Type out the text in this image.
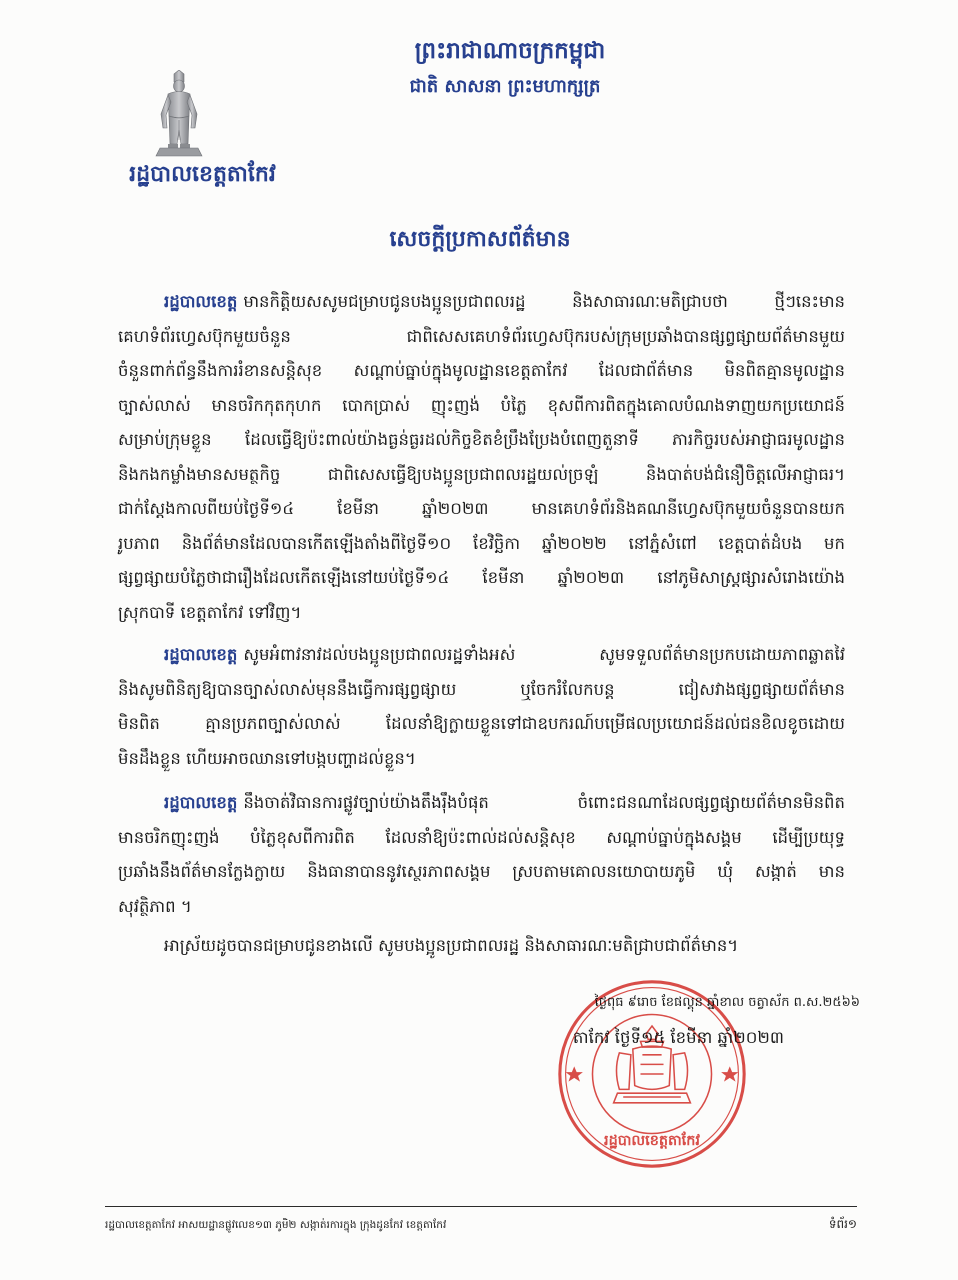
ព្រះរាជាណាចក្រកម្ពុជា
ជាតិ សាសនា ព្រះមហាក្សត្រ
រដ្ឋបាលខេត្តតាកែវ
សេចក្តីប្រកាសព័ត៌មាន
រដ្ឋបាលខេត្ត មានកិត្តិយសសូមជម្រាបជូនបងប្អូនប្រជាពលរដ្ឋ និងសាធារណៈមតិជ្រាបថា ថ្មីៗនេះមាន
គេហទំព័រហ្វេសប៊ុកមួយចំនួន ជាពិសេសគេហទំព័រហ្វេសប៊ុករបស់ក្រុមប្រឆាំងបានផ្សព្វផ្សាយព័ត៌មានមួយ
ចំនួនពាក់ព័ន្ធនឹងការរំខានសន្តិសុខ សណ្តាប់ធ្នាប់ក្នុងមូលដ្ឋានខេត្តតាកែវ ដែលជាព័ត៌មាន មិនពិតគ្មានមូលដ្ឋាន
ច្បាស់លាស់ មានចរិកកុតកុហក បោកប្រាស់ ញុះញង់ បំភ្លៃ ខុសពីការពិតក្នុងគោលបំណងទាញយកប្រយោជន៍
សម្រាប់ក្រុមខ្លួន ដែលធ្វើឱ្យប៉ះពាល់យ៉ាងធ្ងន់ធ្ងរដល់កិច្ចខិតខំប្រឹងប្រែងបំពេញតួនាទី ភារកិច្ចរបស់អាជ្ញាធរមូលដ្ឋាន
និងកងកម្លាំងមានសមត្ថកិច្ច ជាពិសេសធ្វើឱ្យបងប្អូនប្រជាពលរដ្ឋយល់ច្រឡំ និងបាត់បង់ជំនឿចិត្តលើអាជ្ញាធរ។
ជាក់ស្តែងកាលពីយប់ថ្ងៃទី១៤ ខែមីនា ឆ្នាំ២០២៣ មានគេហទំព័រនិងគណនីហ្វេសប៊ុកមួយចំនួនបានយក
រូបភាព និងព័ត៌មានដែលបានកើតឡើងតាំងពីថ្ងៃទី១០ ខែវិច្ឆិកា ឆ្នាំ២០២២ នៅភ្នំសំពៅ ខេត្តបាត់ដំបង មក
ផ្សព្វផ្សាយបំភ្លៃថាជារឿងដែលកើតឡើងនៅយប់ថ្ងៃទី១៤ ខែមីនា ឆ្នាំ២០២៣ នៅភូមិសាស្ត្រផ្សារសំរោងយ៉ោង
ស្រុកបាទី ខេត្តតាកែវ ទៅវិញ។
រដ្ឋបាលខេត្ត សូមអំពាវនាវដល់បងប្អូនប្រជាពលរដ្ឋទាំងអស់ សូមទទួលព័ត៌មានប្រកបដោយភាពឆ្លាតវៃ
និងសូមពិនិត្យឱ្យបានច្បាស់លាស់មុននឹងធ្វើការផ្សព្វផ្សាយ ឬចែករំលែកបន្ត ជៀសវាងផ្សព្វផ្សាយព័ត៌មាន
មិនពិត គ្មានប្រភពច្បាស់លាស់ ដែលនាំឱ្យក្លាយខ្លួនទៅជាឧបករណ៍បម្រើផលប្រយោជន៍ដល់ជនខិលខូចដោយ
មិនដឹងខ្លួន ហើយអាចឈានទៅបង្កបញ្ហាដល់ខ្លួន។
រដ្ឋបាលខេត្ត នឹងចាត់វិធានការផ្លូវច្បាប់យ៉ាងតឹងរ៉ឹងបំផុត ចំពោះជនណាដែលផ្សព្វផ្សាយព័ត៌មានមិនពិត
មានចរិកញុះញង់ បំភ្លៃខុសពីការពិត ដែលនាំឱ្យប៉ះពាល់ដល់សន្តិសុខ សណ្តាប់ធ្នាប់ក្នុងសង្គម ដើម្បីប្រយុទ្ធ
ប្រឆាំងនឹងព័ត៌មានក្លែងក្លាយ និងធានាបាននូវស្ថេរភាពសង្គម ស្របតាមគោលនយោបាយភូមិ ឃុំ សង្កាត់ មាន
សុវត្ថិភាព ។
អាស្រ័យដូចបានជម្រាបជូនខាងលើ សូមបងប្អូនប្រជាពលរដ្ឋ និងសាធារណៈមតិជ្រាបជាព័ត៌មាន។
ថ្ងៃពុធ ៩រោច ខែផល្គុន ឆ្នាំខាល ចត្វាស័ក ព.ស.២៥៦៦
តាកែវ ថ្ងៃទី១៥ ខែមីនា ឆ្នាំ២០២៣
រដ្ឋបាលខេត្តតាកែវ
រដ្ឋបាលខេត្តតាកែវ អាសយដ្ឋានផ្លូវលេខ១៣ ភូមិ២ សង្កាត់រការក្នុង ក្រុងដូនកែវ ខេត្តតាកែវ	ទំព័រ១
